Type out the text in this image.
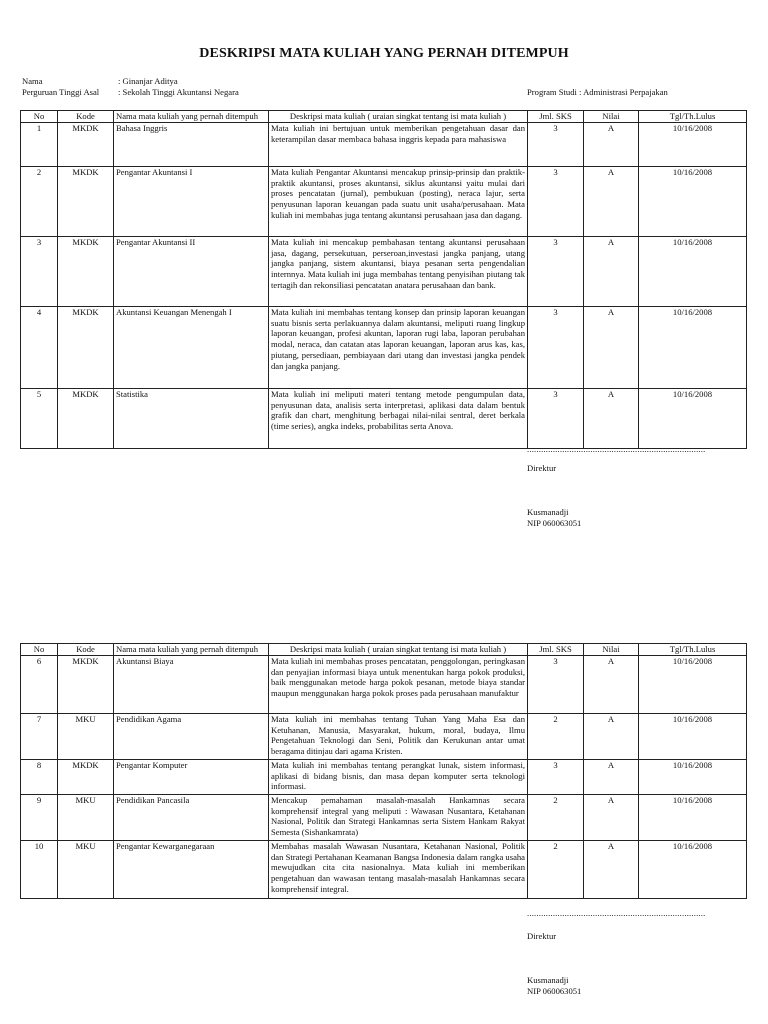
DESKRIPSI MATA KULIAH YANG PERNAH DITEMPUH
Nama	: Ginanjar Aditya
Perguruan Tinggi Asal : Sekolah Tinggi Akuntansi Negara	Program Studi : Administrasi Perpajakan
No	Kode	Nama mata kuliah yang pernah ditempuh	Deskripsi mata kuliah ( uraian singkat tentang isi mata kuliah )	Jml. SKS	Nilai	Tgl/Th.Lulus
1	MKDK	Bahasa Inggris	Mata kuliah ini bertujuan untuk memberikan pengetahuan dasar dan keterampilan dasar membaca bahasa inggris kepada para mahasiswa	3	A	10/16/2008
2	MKDK	Pengantar Akuntansi I	Mata kuliah Pengantar Akuntansi mencakup prinsip-prinsip dan praktik-praktik akuntansi, proses akuntansi, siklus akuntansi yaitu mulai dari proses pencatatan (jurnal), pembukuan (posting), neraca lajur, serta penyusunan laporan keuangan pada suatu unit usaha/perusahaan. Mata kuliah ini membahas juga tentang akuntansi perusahaan jasa dan dagang.	3	A	10/16/2008
3	MKDK	Pengantar Akuntansi II	Mata kuliah ini mencakup pembahasan tentang akuntansi perusahaan jasa, dagang, persekutuan, perseroan,investasi jangka panjang, utang jangka panjang, sistem akuntansi, biaya pesanan serta pengendalian internnya. Mata kuliah ini juga membahas tentang penyisihan piutang tak tertagih dan rekonsiliasi pencatatan anatara perusahaan dan bank.	3	A	10/16/2008
4	MKDK	Akuntansi Keuangan Menengah I	Mata kuliah ini membahas tentang konsep dan prinsip laporan keuangan suatu bisnis serta perlakuannya dalam akuntansi, meliputi ruang lingkup laporan keuangan, profesi akuntan, laporan rugi laba, laporan perubahan modal, neraca, dan catatan atas laporan keuangan, laporan arus kas, kas, piutang, persediaan, pembiayaan dari utang dan investasi jangka pendek dan jangka panjang.	3	A	10/16/2008
5	MKDK	Statistika	Mata kuliah ini meliputi materi tentang metode pengumpulan data, penyusunan data, analisis serta interpretasi, aplikasi data dalam bentuk grafik dan chart, menghitung berbagai nilai-nilai sentral, deret berkala (time series), angka indeks, probabilitas serta Anova.	3	A	10/16/2008
............................................................................
Direktur
Kusmanadji
NIP 060063051
No	Kode	Nama mata kuliah yang pernah ditempuh	Deskripsi mata kuliah ( uraian singkat tentang isi mata kuliah )	Jml. SKS	Nilai	Tgl/Th.Lulus
6	MKDK	Akuntansi Biaya	Mata kuliah ini membahas proses pencatatan, penggolongan, peringkasan dan penyajian informasi biaya untuk menentukan harga pokok produksi, baik menggunakan metode harga pokok pesanan, metode biaya standar maupun menggunakan harga pokok proses pada perusahaan manufaktur	3	A	10/16/2008
7	MKU	Pendidikan Agama	Mata kuliah ini membahas tentang Tuhan Yang Maha Esa dan Ketuhanan, Manusia, Masyarakat, hukum, moral, budaya, Ilmu Pengetahuan Teknologi dan Seni, Politik dan Kerukunan antar umat beragama ditinjau dari agama Kristen.	2	A	10/16/2008
8	MKDK	Pengantar Komputer	Mata kuliah ini membahas tentang perangkat lunak, sistem informasi, aplikasi di bidang bisnis, dan masa depan komputer serta teknologi informasi.	3	A	10/16/2008
9	MKU	Pendidikan Pancasila	Mencakup pemahaman masalah-masalah Hankamnas secara komprehensif integral yang meliputi : Wawasan Nusantara, Ketahanan Nasional, Politik dan Strategi Hankamnas serta Sistem Hankam Rakyat Semesta (Sishankamrata)	2	A	10/16/2008
10	MKU	Pengantar Kewarganegaraan	Membahas masalah Wawasan Nusantara, Ketahanan Nasional, Politik dan Strategi Pertahanan Keamanan Bangsa Indonesia dalam rangka usaha mewujudkan cita cita nasionalnya. Mata kuliah ini memberikan pengetahuan dan wawasan tentang masalah-masalah Hankamnas secara komprehensif integral.	2	A	10/16/2008
............................................................................
Direktur
Kusmanadji
NIP 060063051
